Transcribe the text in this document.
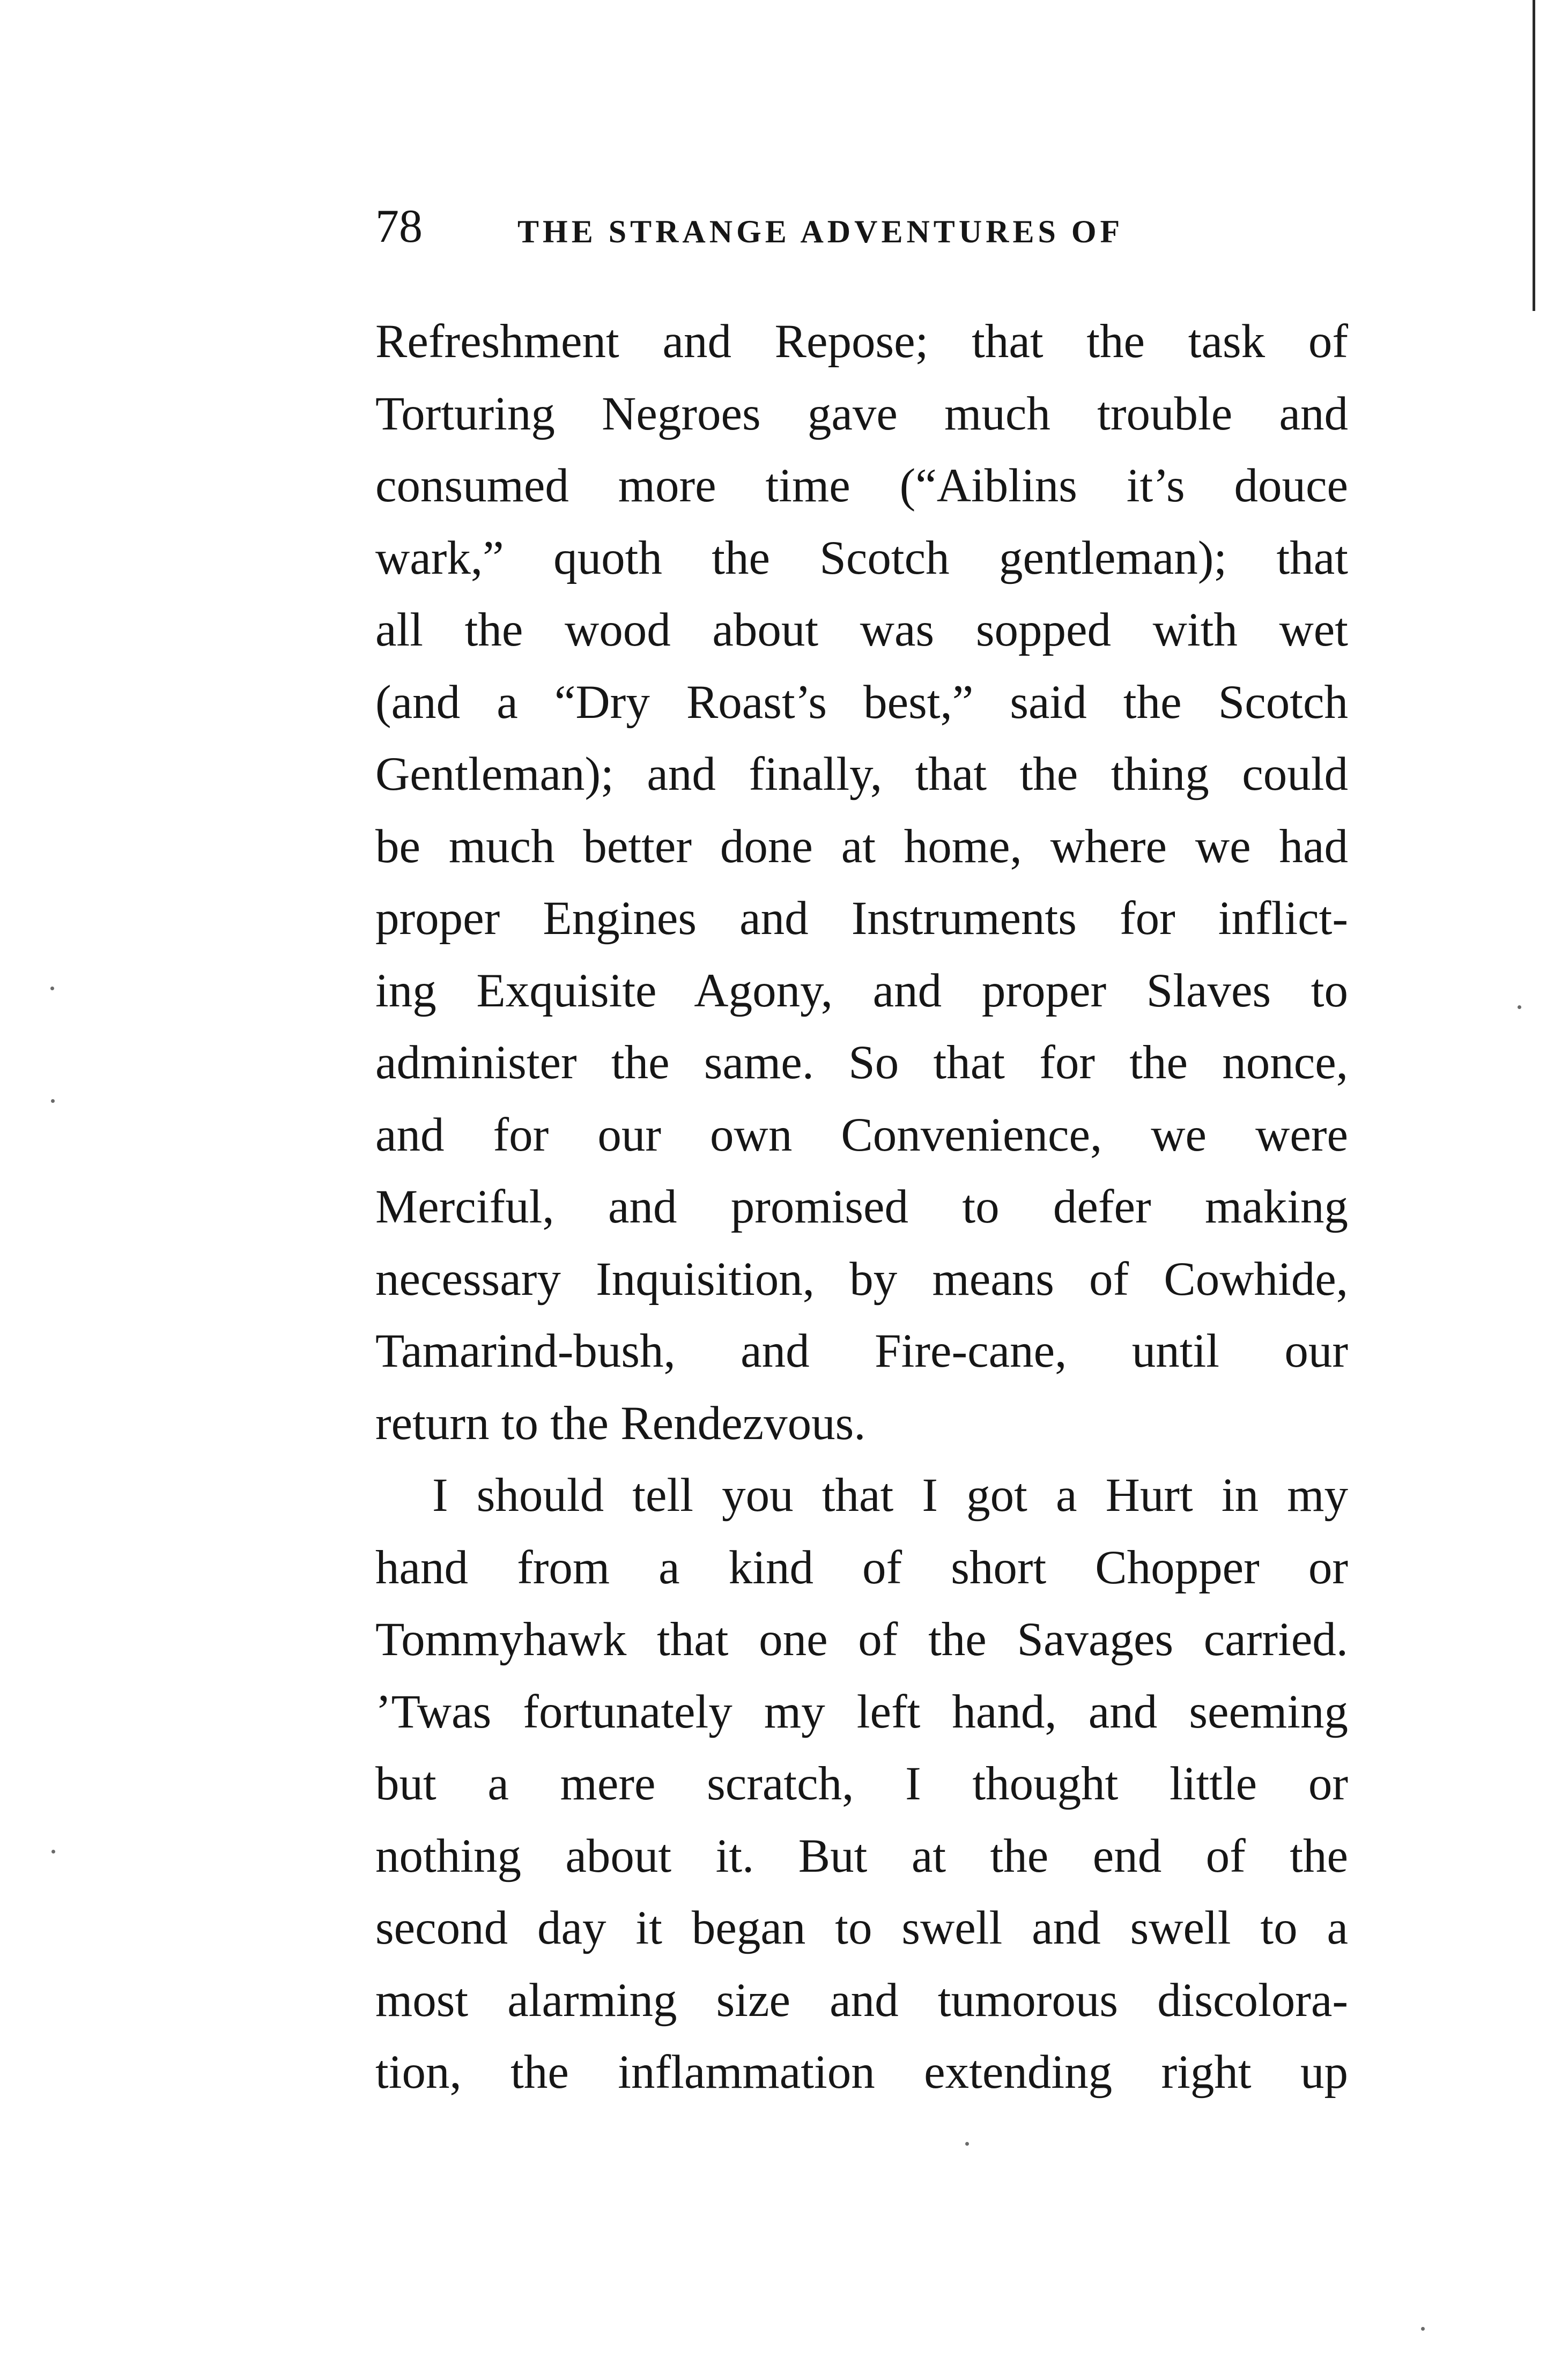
78	THE STRANGE ADVENTURES OF
Refreshment and Repose; that the task of
Torturing Negroes gave much trouble and
consumed more time (“Aiblins it’s douce
wark,” quoth the Scotch gentleman); that
all the wood about was sopped with wet
(and a “Dry Roast’s best,” said the Scotch
Gentleman); and finally, that the thing could
be much better done at home, where we had
proper Engines and Instruments for inflict-
ing Exquisite Agony, and proper Slaves to
administer the same. So that for the nonce,
and for our own Convenience, we were
Merciful, and promised to defer making
necessary Inquisition, by means of Cowhide,
Tamarind-bush, and Fire-cane, until our
return to the Rendezvous.
I should tell you that I got a Hurt in my
hand from a kind of short Chopper or
Tommyhawk that one of the Savages carried.
’Twas fortunately my left hand, and seeming
but a mere scratch, I thought little or
nothing about it. But at the end of the
second day it began to swell and swell to a
most alarming size and tumorous discolora-
tion, the inflammation extending right up
